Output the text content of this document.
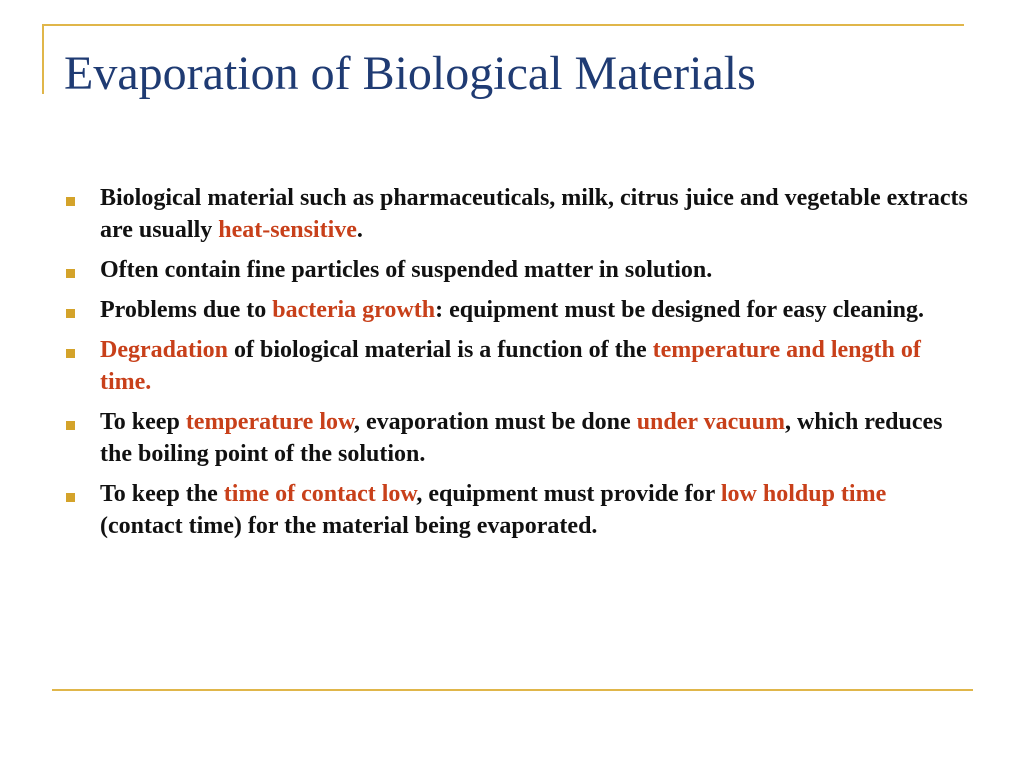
Evaporation of Biological Materials
Biological material such as pharmaceuticals, milk, citrus juice and vegetable extracts are usually heat-sensitive.
Often contain fine particles of suspended matter in solution.
Problems due to bacteria growth: equipment must be designed for easy cleaning.
Degradation of biological material is a function of the temperature and length of time.
To keep temperature low, evaporation must be done under vacuum, which reduces the boiling point of the solution.
To keep the time of contact low, equipment must provide for low holdup time (contact time) for the material being evaporated.
